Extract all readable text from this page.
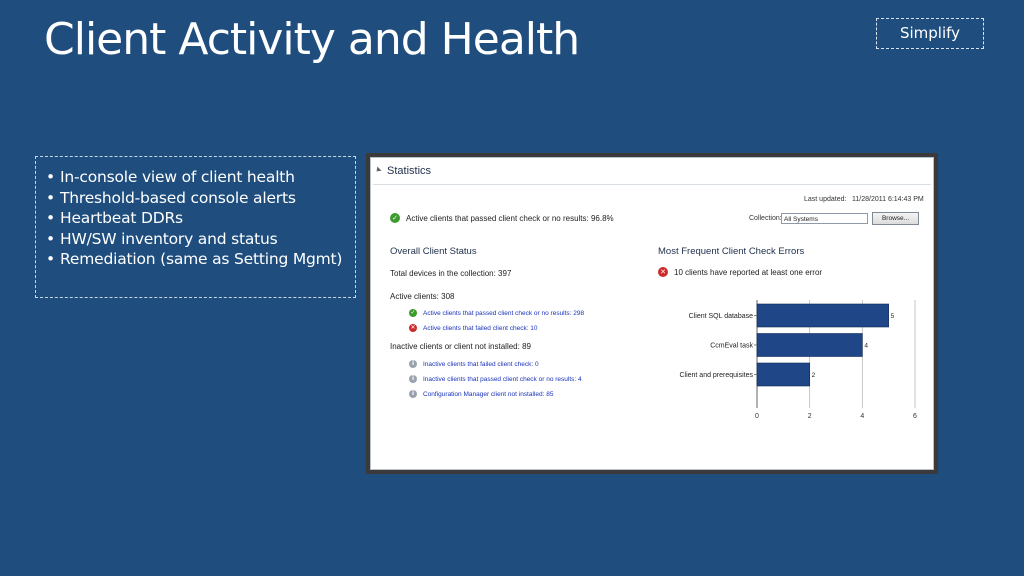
Client Activity and Health	Simplify
• In-console view of client health
• Threshold-based console alerts
• Heartbeat DDRs
• HW/SW inventory and status
• Remediation (same as Setting Mgmt)
Statistics
Last updated: 11/28/2011 6:14:43 PM
✓ Active clients that passed client check or no results: 96.8%	Collection: All Systems	Browse...
Overall Client Status
Total devices in the collection: 397
Active clients: 308
✓ Active clients that passed client check or no results: 298
✕ Active clients that failed client check: 10
Inactive clients or client not installed: 89
i	Inactive clients that failed client check: 0
i	Inactive clients that passed client check or no results: 4
i	Configuration Manager client not installed: 85
Most Frequent Client Check Errors
✕ 10 clients have reported at least one error
0	2	4	6
Client SQL database	5
CcmEval task	4
Client and prerequisites	2
